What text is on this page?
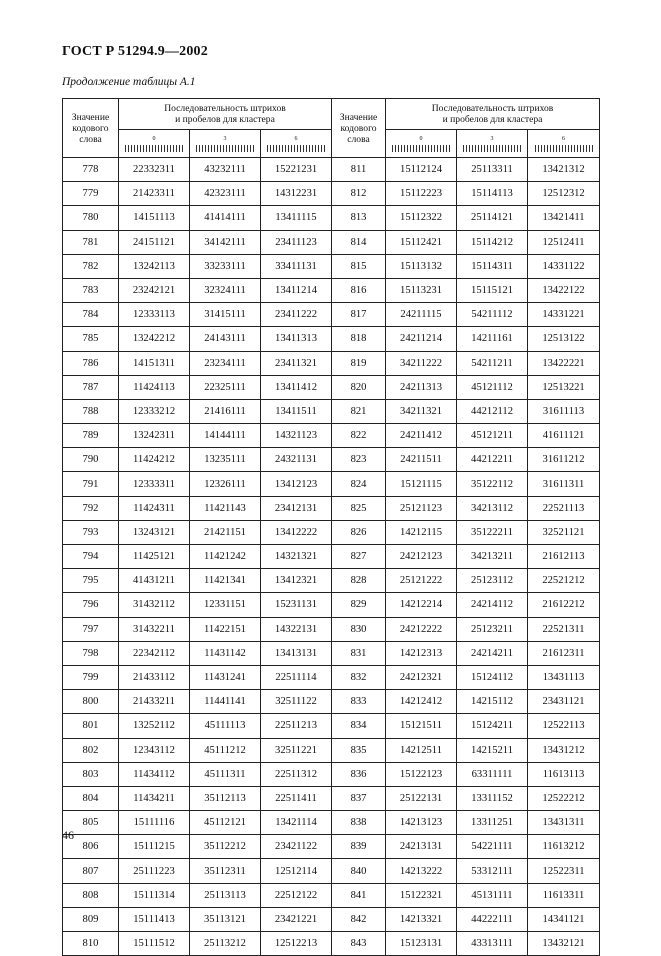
ГОСТ Р 51294.9—2002
Продолжение таблицы А.1
Значение
кодового
слова	Последовательность штрихов
и пробелов для кластера			Значение
кодового
слова	Последовательность штрихов
и пробелов для кластера		

	0	3	6		0	3	6

778	22332311	43232111	15221231	811	15112124	25113311	13421312
779	21423311	42323111	14312231	812	15112223	15114113	12512312
780	14151113	41414111	13411115	813	15112322	25114121	13421411
781	24151121	34142111	23411123	814	15112421	15114212	12512411
782	13242113	33233111	33411131	815	15113132	15114311	14331122
783	23242121	32324111	13411214	816	15113231	15115121	13422122
784	12333113	31415111	23411222	817	24211115	54211112	14331221
785	13242212	24143111	13411313	818	24211214	14211161	12513122
786	14151311	23234111	23411321	819	34211222	54211211	13422221
787	11424113	22325111	13411412	820	24211313	45121112	12513221
788	12333212	21416111	13411511	821	34211321	44212112	31611113
789	13242311	14144111	14321123	822	24211412	45121211	41611121
790	11424212	13235111	24321131	823	24211511	44212211	31611212
791	12333311	12326111	13412123	824	15121115	35122112	31611311
792	11424311	11421143	23412131	825	25121123	34213112	22521113
793	13243121	21421151	13412222	826	14212115	35122211	32521121
794	11425121	11421242	14321321	827	24212123	34213211	21612113
795	41431211	11421341	13412321	828	25121222	25123112	22521212
796	31432112	12331151	15231131	829	14212214	24214112	21612212
797	31432211	11422151	14322131	830	24212222	25123211	22521311
798	22342112	11431142	13413131	831	14212313	24214211	21612311
799	21433112	11431241	22511114	832	24212321	15124112	13431113
800	21433211	11441141	32511122	833	14212412	14215112	23431121
801	13252112	45111113	22511213	834	15121511	15124211	12522113
802	12343112	45111212	32511221	835	14212511	14215211	13431212
803	11434112	45111311	22511312	836	15122123	63311111	11613113
804	11434211	35112113	22511411	837	25122131	13311152	12522212
805	15111116	45112121	13421114	838	14213123	13311251	13431311
806	15111215	35112212	23421122	839	24213131	54221111	11613212
807	25111223	35112311	12512114	840	14213222	53312111	12522311
808	15111314	25113113	22512122	841	15122321	45131111	11613311
809	15111413	35113121	23421221	842	14213321	44222111	14341121
810	15111512	25113212	12512213	843	15123131	43313111	13432121
46
